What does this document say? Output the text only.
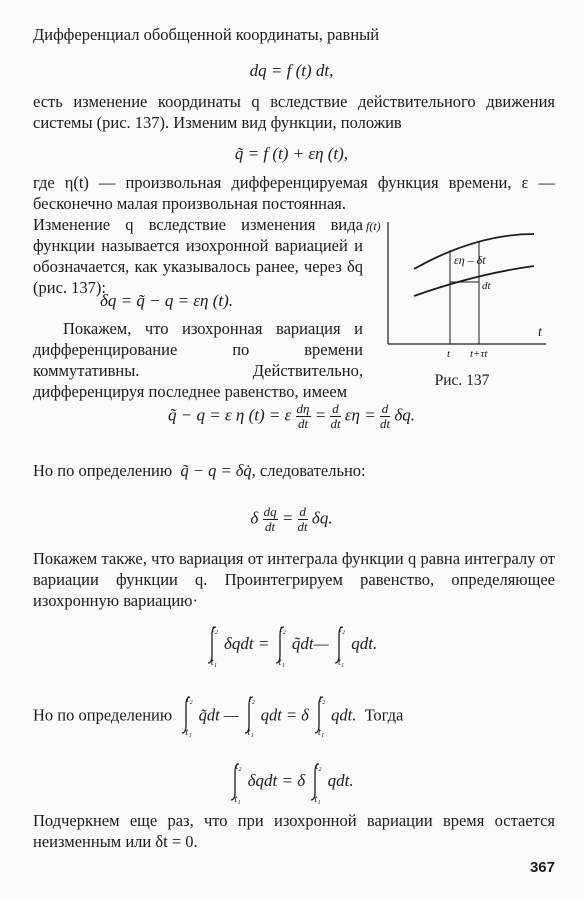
Дифференциал обобщенной координаты, равный
dq = f (t) dt,
есть изменение координаты q вследствие действительного движения системы (рис. 137). Изменим вид функции, положив
q̃ = f (t) + εη (t),
где η(t) — произвольная дифференцируемая функция времени, ε — бесконечно малая произвольная постоянная.
Изменение q вследствие изменения вида функции называется изохронной вариацией и обозначается, как указывалось ранее, через δq (рис. 137):
δq = q̃ − q = εη (t).
Покажем, что изохронная вариация и дифференцирование по времени коммутативны. Действительно, дифференцируя последнее равенство, имеем
f(t)
t
t t+τt
εη – δt
dt
Рис. 137
q̃ − q = ε η (t) = ε $\frac{d\eta}{dt} = \frac{d}{dt}$ $\varepsilon\eta = \frac{d}{dt} \delta q$.
Но по определению q̃ − q = δq̇, следовательно:
δ $\frac{dq}{dt} = \frac{d}{dt} \delta q$.
Покажем также, что вариация от интеграла функции q равна интегралу от вариации функции q. Проинтегрируем равенство, определяющее изохронную вариацию·
t₂
t₁
δqdt =
t₂
t₁
q̃dt—
t₂
t₁
qdt.
Но по определению
t₂
t₁
q̃dt —
t₂
t₁
qdt = δ
t₂
t₁
qdt. Тогда
t₂
t₁
δqdt = δ
t₂
t₁
qdt.
Подчеркнем еще раз, что при изохронной вариации время остается неизменным или δt = 0.
367
